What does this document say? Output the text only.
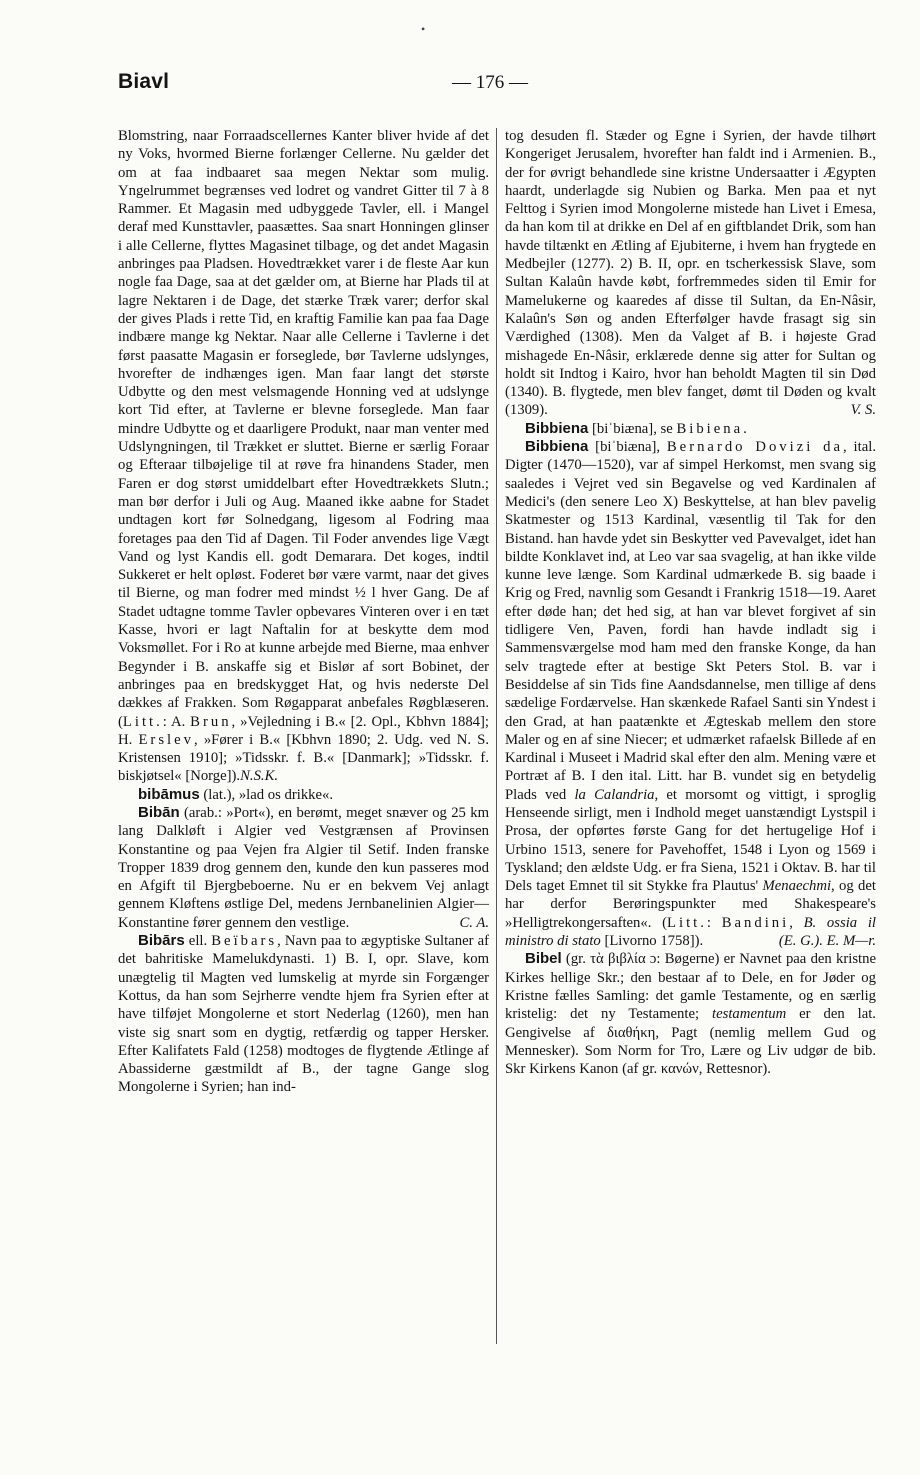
•
Biavl	— 176 —

Blomstring, naar Forraadscellernes Kanter bliver hvide af det ny Voks, hvormed Bierne forlænger Cellerne. Nu gælder det om at faa indbaaret saa megen Nektar som mulig. Yngelrummet begrænses ved lodret og vandret Gitter til 7 à 8 Rammer. Et Magasin med udbyggede Tavler, ell. i Mangel deraf med Kunsttavler, paasættes. Saa snart Honningen glinser i alle Cellerne, flyttes Magasinet tilbage, og det andet Magasin anbringes paa Pladsen. Hovedtrækket varer i de fleste Aar kun nogle faa Dage, saa at det gælder om, at Bierne har Plads til at lagre Nektaren i de Dage, det stærke Træk varer; derfor skal der gives Plads i rette Tid, en kraftig Familie kan paa faa Dage indbære mange kg Nektar. Naar alle Cellerne i Tavlerne i det først paasatte Magasin er forseglede, bør Tavlerne udslynges, hvorefter de indhænges igen. Man faar langt det største Udbytte og den mest velsmagende Honning ved at udslynge kort Tid efter, at Tavlerne er blevne forseglede. Man faar mindre Udbytte og et daarligere Produkt, naar man venter med Udslyngningen, til Trækket er sluttet. Bierne er særlig Foraar og Efteraar tilbøjelige til at røve fra hinandens Stader, men Faren er dog størst umiddelbart efter Hovedtrækkets Slutn.; man bør derfor i Juli og Aug. Maaned ikke aabne for Stadet undtagen kort før Solnedgang, ligesom al Fodring maa foretages paa den Tid af Dagen. Til Foder anvendes lige Vægt Vand og lyst Kandis ell. godt Demarara. Det koges, indtil Sukkeret er helt opløst. Foderet bør være varmt, naar det gives til Bierne, og man fodrer med mindst ½ l hver Gang. De af Stadet udtagne tomme Tavler opbevares Vinteren over i en tæt Kasse, hvori er lagt Naftalin for at beskytte dem mod Voksmøllet. For i Ro at kunne arbejde med Bierne, maa enhver Begynder i B. anskaffe sig et Bislør af sort Bobinet, der anbringes paa en bredskygget Hat, og hvis nederste Del dækkes af Frakken. Som Røgapparat anbefales Røgblæseren. (Litt.: A. Brun, »Vejledning i B.« [2. Opl., Kbhvn 1884]; H. Erslev, »Fører i B.« [Kbhvn 1890; 2. Udg. ved N. S. Kristensen 1910]; »Tidsskr. f. B.« [Danmark]; »Tidsskr. f. biskjøtsel« [Norge]).N.S.K.

bibāmus (lat.), »lad os drikke«.

Bibān (arab.: »Port«), en berømt, meget snæver og 25 km lang Dalkløft i Algier ved Vestgrænsen af Provinsen Konstantine og paa Vejen fra Algier til Setif. Inden franske Tropper 1839 drog gennem den, kunde den kun passeres mod en Afgift til Bjergbeboerne. Nu er en bekvem Vej anlagt gennem Kløftens østlige Del, medens Jernbanelinien Algier—Konstantine fører gennem den vestlige.	C. A.

Bibārs ell. Beïbars, Navn paa to ægyptiske Sultaner af det bahritiske Mamelukdynasti. 1) B. I, opr. Slave, kom unægtelig til Magten ved lumskelig at myrde sin Forgænger Kottus, da han som Sejrherre vendte hjem fra Syrien efter at have tilføjet Mongolerne et stort Nederlag (1260), men han viste sig snart som en dygtig, retfærdig og tapper Hersker. Efter Kalifatets Fald (1258) modtoges de flygtende Ætlinge af Abassiderne gæstmildt af B., der tagne Gange slog Mongolerne i Syrien; han ind-

tog desuden fl. Stæder og Egne i Syrien, der havde tilhørt Kongeriget Jerusalem, hvorefter han faldt ind i Armenien. B., der for øvrigt behandlede sine kristne Undersaatter i Ægypten haardt, underlagde sig Nubien og Barka. Men paa et nyt Felttog i Syrien imod Mongolerne mistede han Livet i Emesa, da han kom til at drikke en Del af en giftblandet Drik, som han havde tiltænkt en Ætling af Ejubiterne, i hvem han frygtede en Medbejler (1277). 2) B. II, opr. en tscherkessisk Slave, som Sultan Kalaûn havde købt, forfremmedes siden til Emir for Mamelukerne og kaaredes af disse til Sultan, da En-Nâsir, Kalaûn's Søn og anden Efterfølger havde frasagt sig sin Værdighed (1308). Men da Valget af B. i højeste Grad mishagede En-Nâsir, erklærede denne sig atter for Sultan og holdt sit Indtog i Kairo, hvor han beholdt Magten til sin Død (1340). B. flygtede, men blev fanget, dømt til Døden og kvalt (1309).	V. S.

Bibbiena [biˈbiæna], se Bibiena.

Bibbiena [biˈbiæna], Bernardo Dovizi da, ital. Digter (1470—1520), var af simpel Herkomst, men svang sig saaledes i Vejret ved sin Begavelse og ved Kardinalen af Medici's (den senere Leo X) Beskyttelse, at han blev pavelig Skatmester og 1513 Kardinal, væsentlig til Tak for den Bistand. han havde ydet sin Beskytter ved Pavevalget, idet han bildte Konklavet ind, at Leo var saa svagelig, at han ikke vilde kunne leve længe. Som Kardinal udmærkede B. sig baade i Krig og Fred, navnlig som Gesandt i Frankrig 1518—19. Aaret efter døde han; det hed sig, at han var blevet forgivet af sin tidligere Ven, Paven, fordi han havde indladt sig i Sammensværgelse mod ham med den franske Konge, da han selv tragtede efter at bestige Skt Peters Stol. B. var i Besiddelse af sin Tids fine Aandsdannelse, men tillige af dens sædelige Fordærvelse. Han skænkede Rafael Santi sin Yndest i den Grad, at han paatænkte et Ægteskab mellem den store Maler og en af sine Niecer; et udmærket rafaelsk Billede af en Kardinal i Museet i Madrid skal efter den alm. Mening være et Portræt af B. I den ital. Litt. har B. vundet sig en betydelig Plads ved la Calandria, et morsomt og vittigt, i sproglig Henseende sirligt, men i Indhold meget uanstændigt Lystspil i Prosa, der opførtes første Gang for det hertugelige Hof i Urbino 1513, senere for Pavehoffet, 1548 i Lyon og 1569 i Tyskland; den ældste Udg. er fra Siena, 1521 i Oktav. B. har til Dels taget Emnet til sit Stykke fra Plautus' Menaechmi, og det har derfor Berøringspunkter med Shakespeare's »Helligtrekongersaften«. (Litt.: Bandini, B. ossia il ministro di stato [Livorno 1758]).	(E. G.). E. M—r.

Bibel (gr. τὰ βιβλία ɔ: Bøgerne) er Navnet paa den kristne Kirkes hellige Skr.; den bestaar af to Dele, en for Jøder og Kristne fælles Samling: det gamle Testamente, og en særlig kristelig: det ny Testamente; testamentum er den lat. Gengivelse af διαθήκη, Pagt (nemlig mellem Gud og Mennesker). Som Norm for Tro, Lære og Liv udgør de bib. Skr Kirkens Kanon (af gr. κανών, Rettesnor).
